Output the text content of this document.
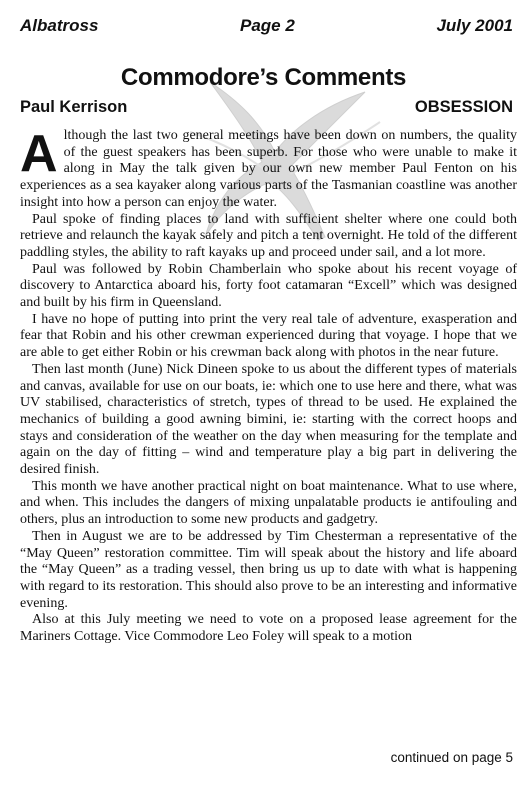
Albatross	Page 2	July 2001
Commodore’s Comments
Paul Kerrison	OBSESSION

Although the last two general meetings have been down on numbers, the quality of the guest speakers has been superb. For those who were unable to make it along in May the talk given by our own new member Paul Fenton on his experiences as a sea kayaker along various parts of the Tasmanian coastline was another insight into how a person can enjoy the water.

Paul spoke of finding places to land with sufficient shelter where one could both retrieve and relaunch the kayak safely and pitch a tent overnight. He told of the different paddling styles, the ability to raft kayaks up and proceed under sail, and a lot more.

Paul was followed by Robin Chamberlain who spoke about his recent voyage of discovery to Antarctica aboard his, forty foot catamaran “Excell” which was designed and built by his firm in Queensland.

I have no hope of putting into print the very real tale of adventure, exasperation and fear that Robin and his other crewman experienced during that voyage. I hope that we are able to get either Robin or his crewman back along with photos in the near future.

Then last month (June) Nick Dineen spoke to us about the different types of materials and canvas, available for use on our boats, ie: which one to use here and there, what was UV stabilised, characteristics of stretch, types of thread to be used. He explained the mechanics of building a good awning bimini, ie: starting with the correct hoops and stays and consideration of the weather on the day when measuring for the template and again on the day of fitting – wind and temperature play a big part in delivering the desired finish.

This month we have another practical night on boat maintenance. What to use where, and when. This includes the dangers of mixing unpalatable products ie antifouling and others, plus an introduction to some new products and gadgetry.

Then in August we are to be addressed by Tim Chesterman a representative of the “May Queen” restoration committee. Tim will speak about the history and life aboard the “May Queen” as a trading vessel, then bring us up to date with what is happening with regard to its restoration. This should also prove to be an interesting and informative evening.

Also at this July meeting we need to vote on a proposed lease agreement for the Mariners Cottage. Vice Commodore Leo Foley will speak to a motion

continued on page 5
